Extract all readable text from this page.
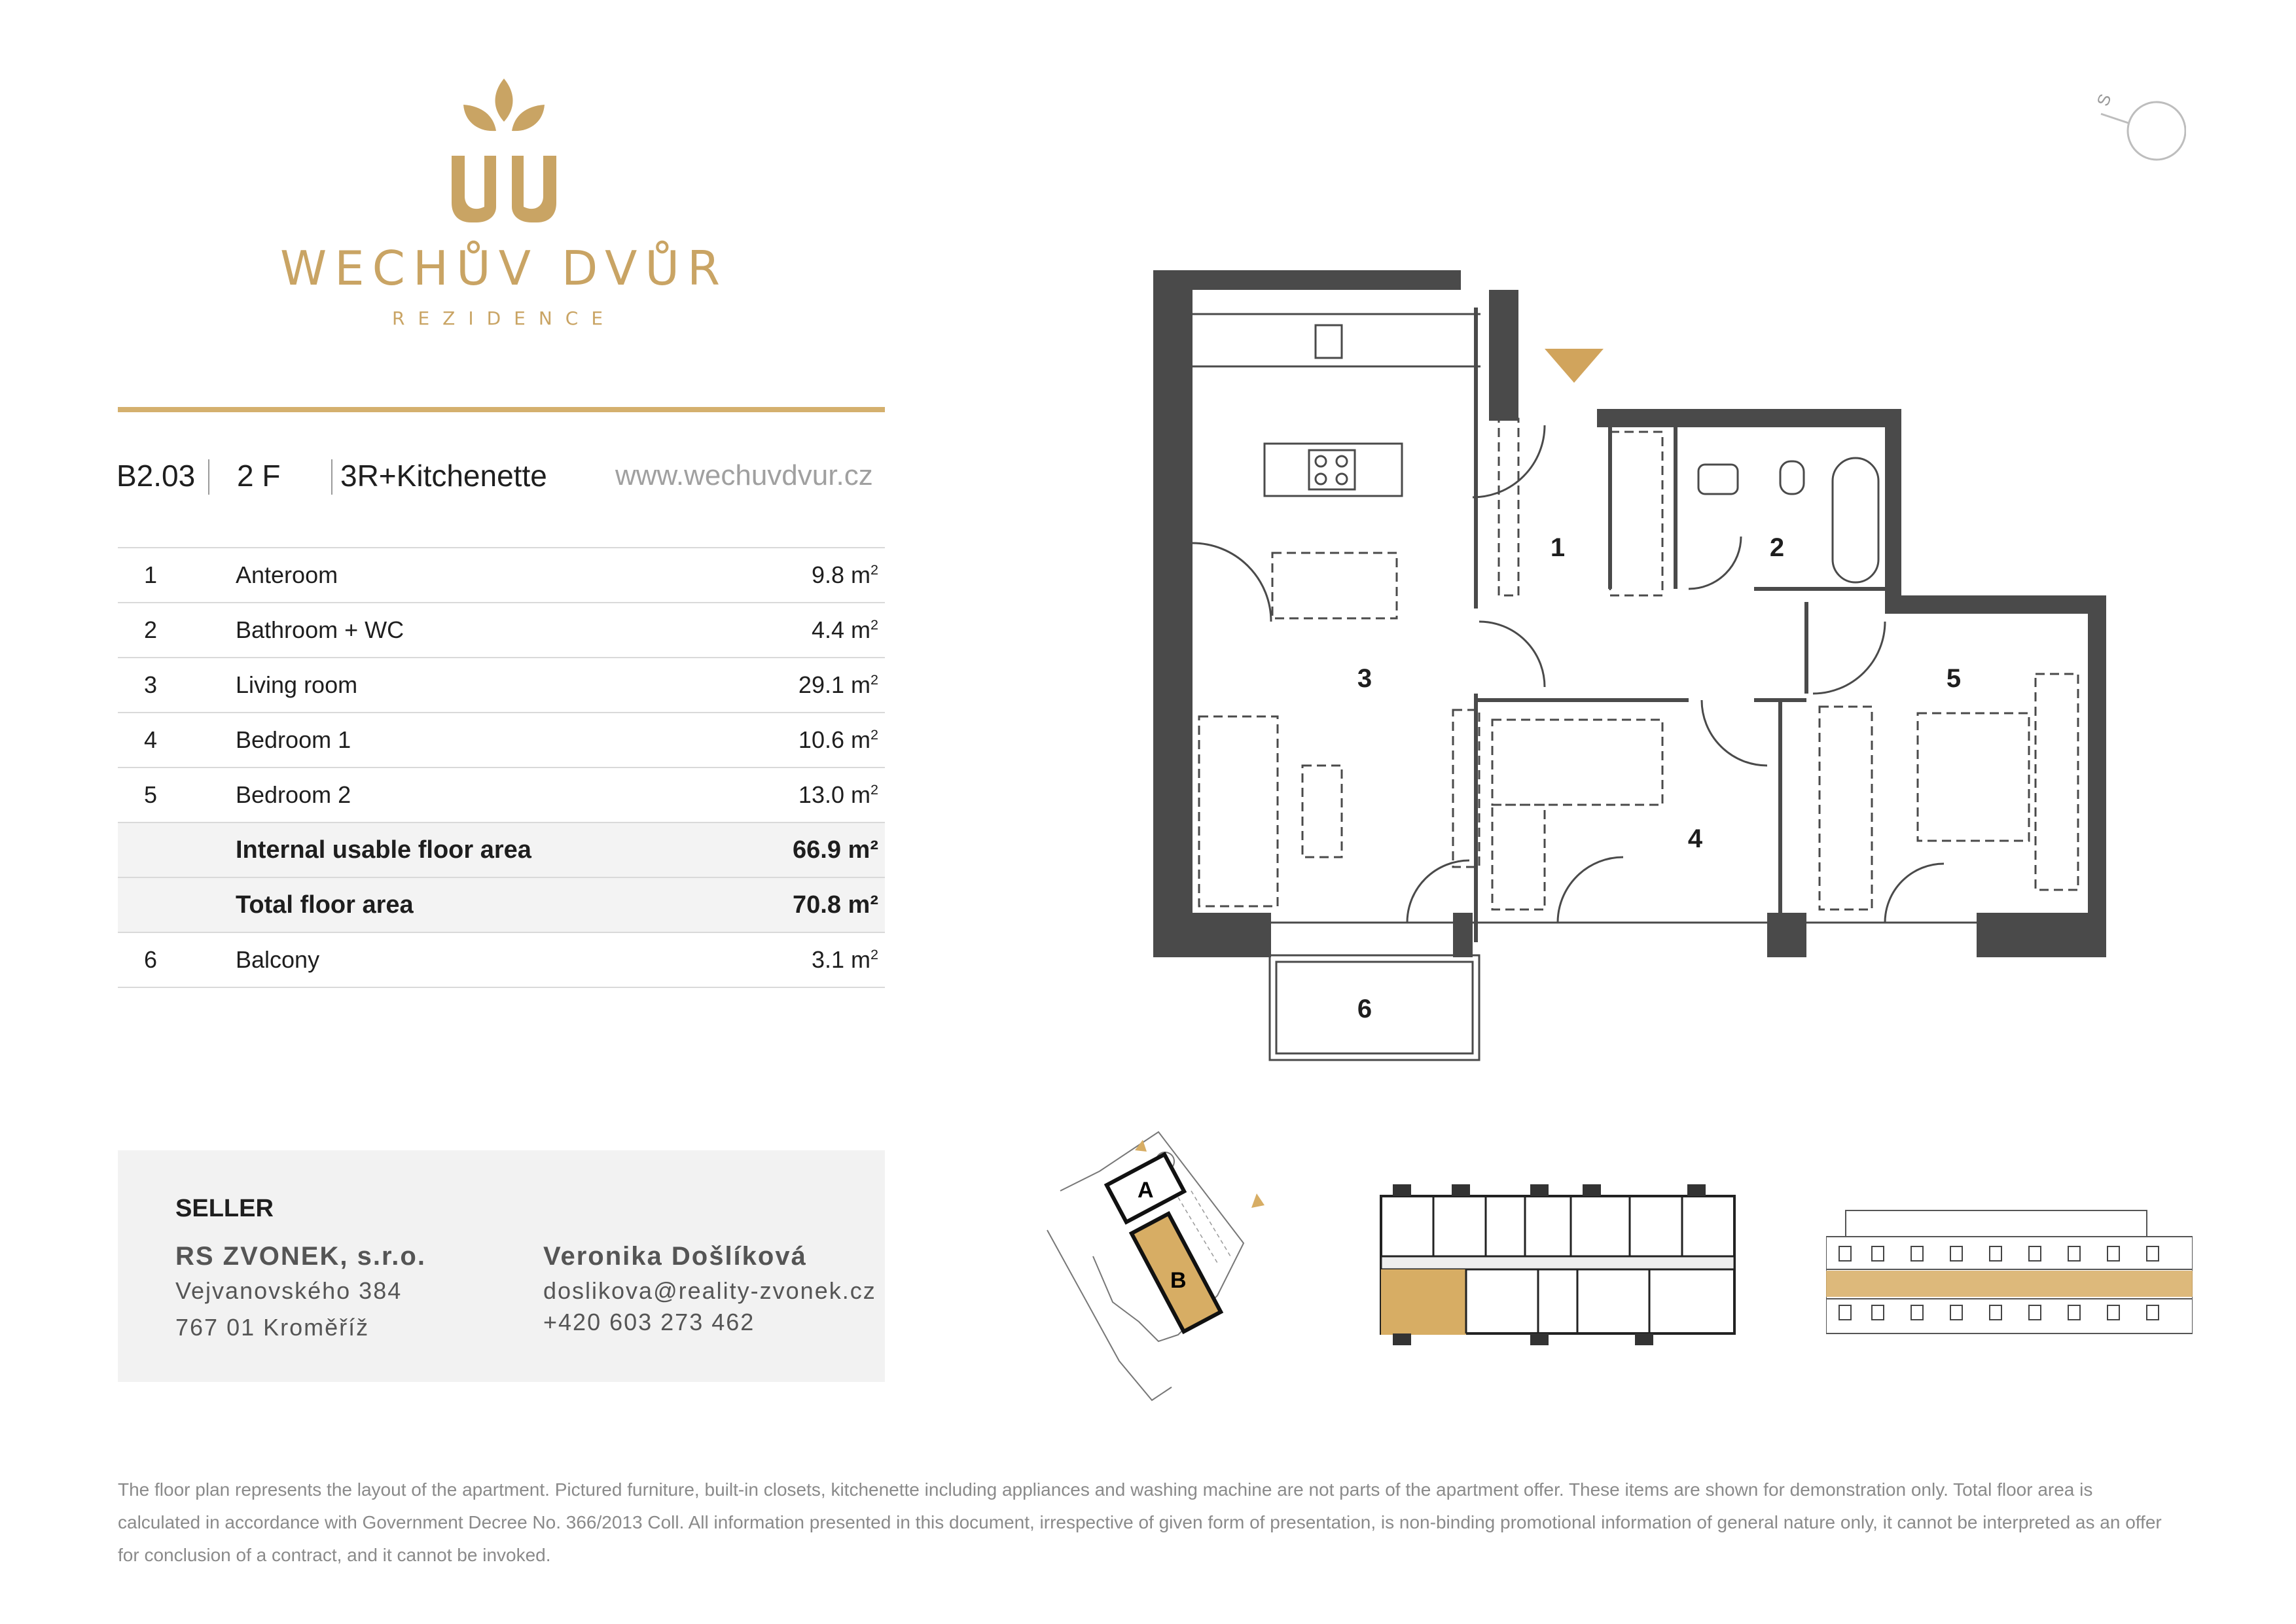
WECHŮV DVŮR
REZIDENCE
B2.03 2 F 3R+Kitchenette www.wechuvdvur.cz
1	Anteroom	9.8 $m^2$
2	Bathroom + WC	4.4 $m^2$
3	Living room	29.1 $m^2$
4	Bedroom 1	10.6 $m^2$
5	Bedroom 2	13.0 $m^2$
	Internal usable floor area	66.9 m²
	Total floor area	70.8 m²
6	Balcony	3.1 $m^2$
SELLER
RS ZVONEK, s.r.o.
Vejvanovského 384
767 01 Kroměříž
Veronika Došlíková
doslikova@reality-zvonek.cz
+420 603 273 462
The floor plan represents the layout of the apartment. Pictured furniture, built-in closets, kitchenette including appliances and washing machine are not parts of the apartment offer. These items are shown for demonstration only. Total floor area is calculated in accordance with Government Decree No. 366/2013 Coll. All information presented in this document, irrespective of given form of presentation, is non-binding promotional information of general nature only, it cannot be interpreted as an offer for conclusion of a contract, and it cannot be invoked.
S
1	2
3
4
5
6
A
B
